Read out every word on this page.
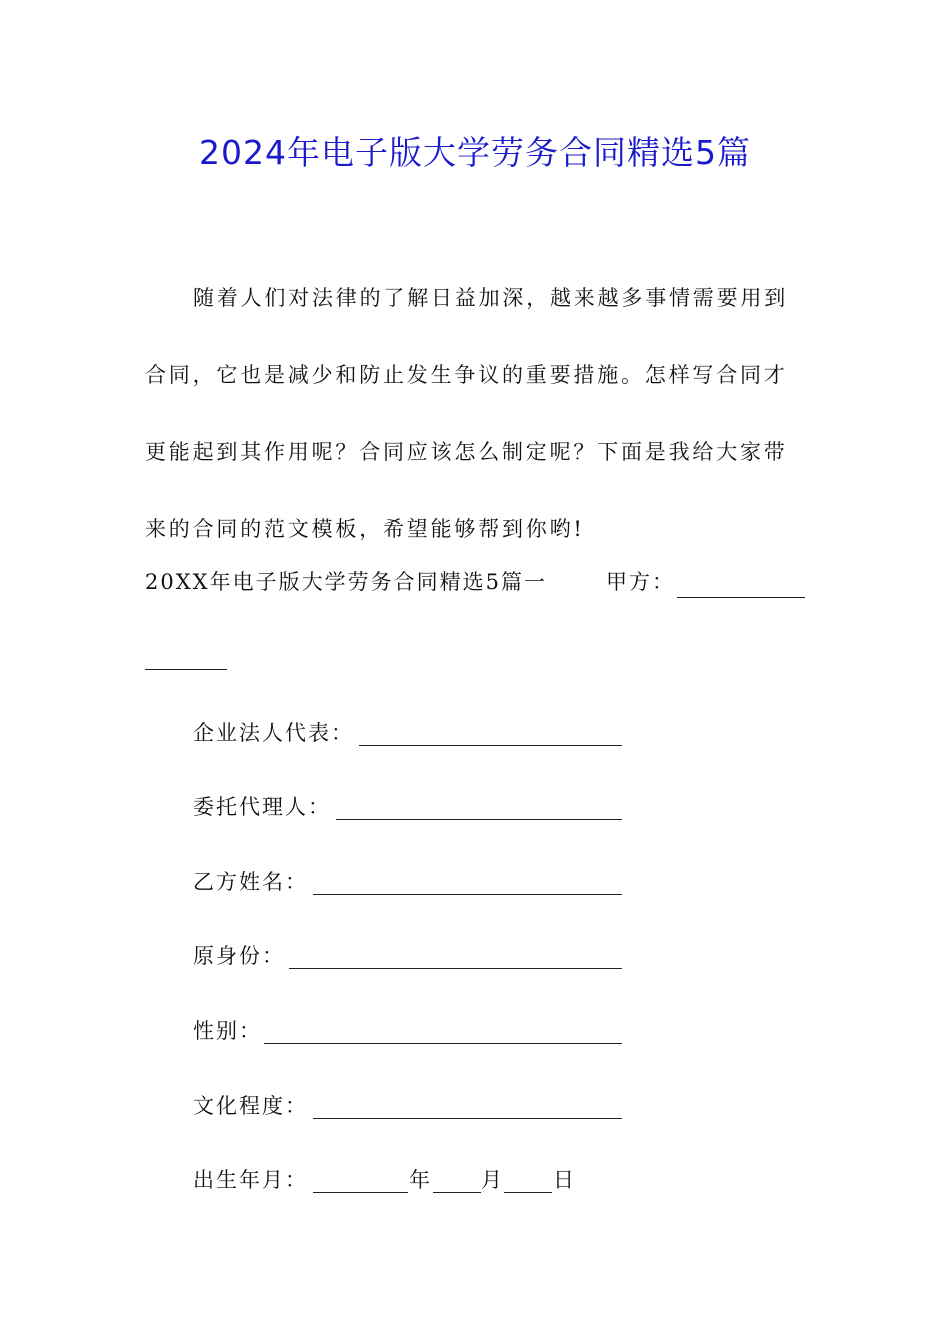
2024年电子版大学劳务合同精选5篇

随着人们对法律的了解日益加深，越来越多事情需要用到合同，它也是减少和防止发生争议的重要措施。怎样写合同才更能起到其作用呢？合同应该怎么制定呢？下面是我给大家带来的合同的范文模板，希望能够帮到你哟!

20XX年电子版大学劳务合同精选5篇一	甲方：
企业法人代表：
委托代理人：
乙方姓名：
原身份：
性别：
文化程度：
出生年月：	年 月 日
